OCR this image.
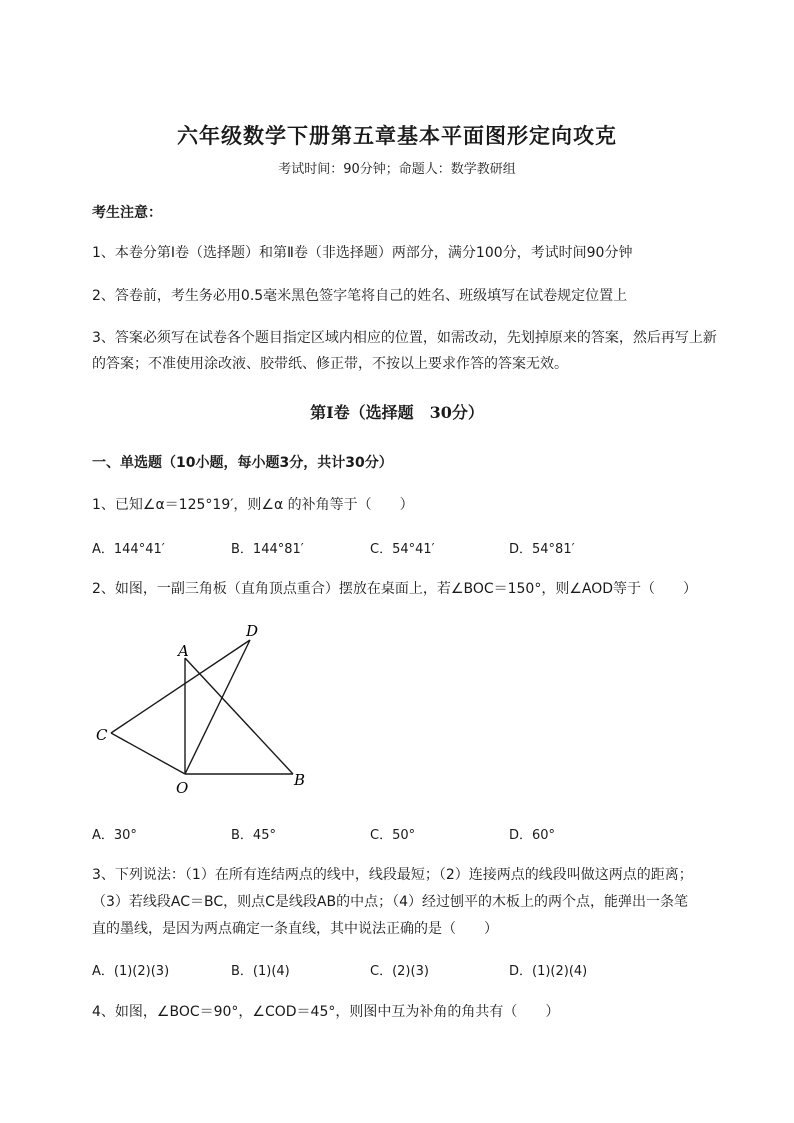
六年级数学下册第五章基本平面图形定向攻克
考试时间：90分钟；命题人：数学教研组
考生注意：
1、本卷分第Ⅰ卷（选择题）和第Ⅱ卷（非选择题）两部分，满分100分，考试时间90分钟
2、答卷前，考生务必用0.5毫米黑色签字笔将自己的姓名、班级填写在试卷规定位置上
3、答案必须写在试卷各个题目指定区域内相应的位置，如需改动，先划掉原来的答案，然后再写上新
的答案；不准使用涂改液、胶带纸、修正带，不按以上要求作答的答案无效。
第Ⅰ卷（选择题　30分）
一、单选题（10小题，每小题3分，共计30分）
1、已知∠α＝125°19′，则∠α 的补角等于（　　）
A．144°41′	B．144°81′	C．54°41′	D．54°81′
2、如图，一副三角板（直角顶点重合）摆放在桌面上，若∠BOC＝150°，则∠AOD等于（　　）
A
D
C
O	B
A．30°	B．45°	C．50°	D．60°
3、下列说法：（1）在所有连结两点的线中，线段最短；（2）连接两点的线段叫做这两点的距离；
（3）若线段AC＝BC，则点C是线段AB的中点；（4）经过刨平的木板上的两个点，能弹出一条笔
直的墨线，是因为两点确定一条直线，其中说法正确的是（　　）
A．(1)(2)(3)	B．(1)(4)	C．(2)(3)	D．(1)(2)(4)
4、如图，∠BOC＝90°，∠COD＝45°，则图中互为补角的角共有（　　）
